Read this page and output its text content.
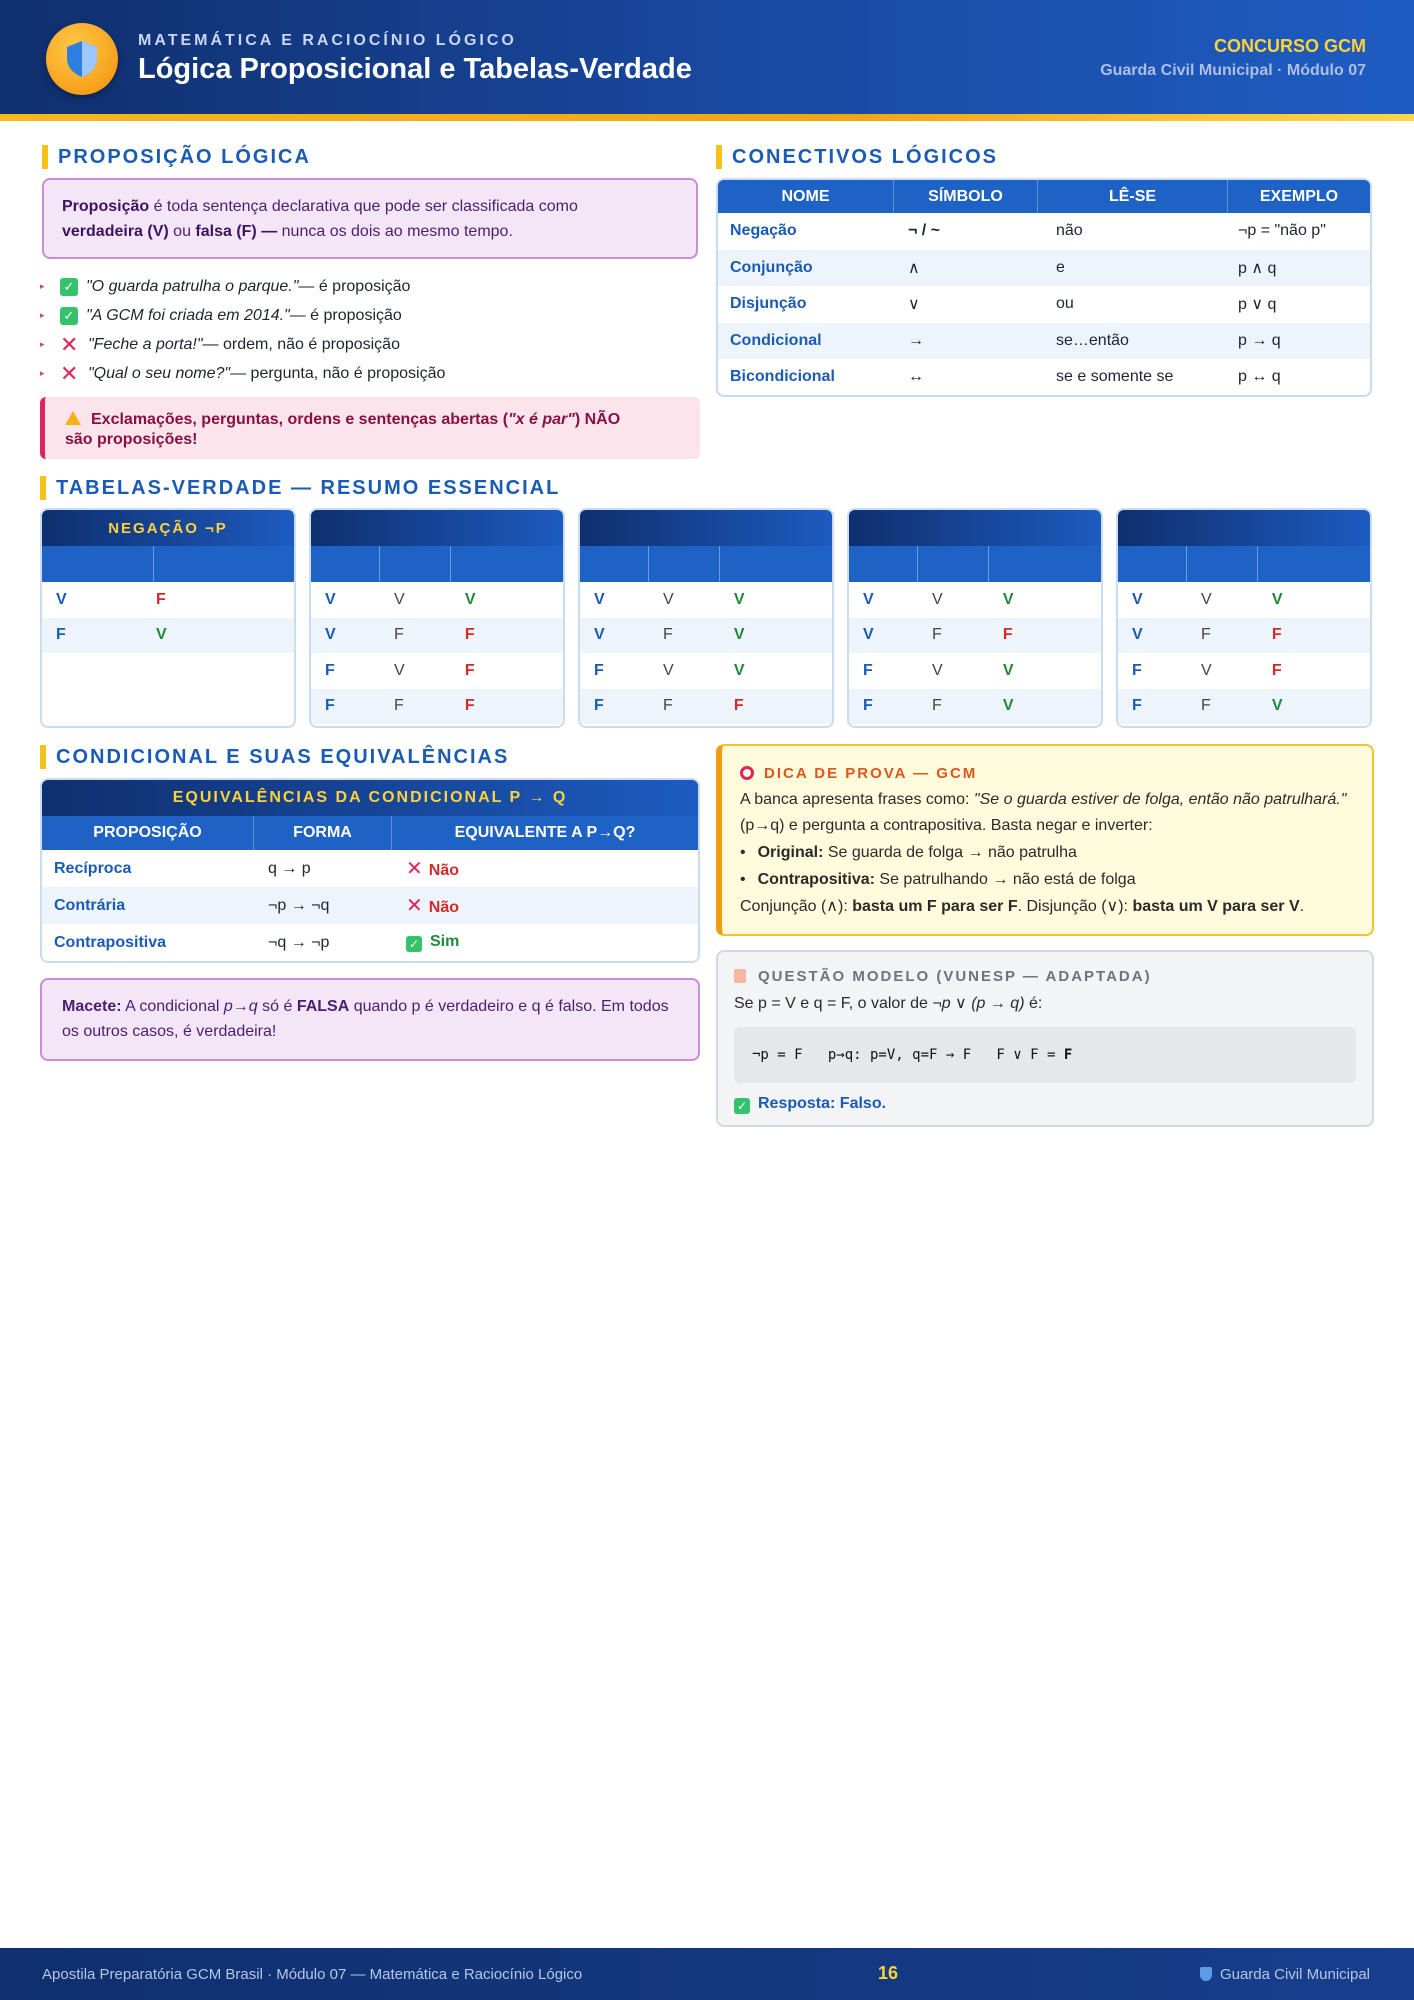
MATEMÁTICA E RACIOCÍNIO LÓGICO
Lógica Proposicional e Tabelas-Verdade
CONCURSO GCM
Guarda Civil Municipal · Módulo 07
PROPOSIÇÃO LÓGICA
Proposição é toda sentença declarativa que pode ser classificada como
verdadeira (V) ou falsa (F) — nunca os dois ao mesmo tempo.
▸	✓ "O guarda patrulha o parque." — é proposição
▸	✓ "A GCM foi criada em 2014." — é proposição
▸ ✕ "Feche a porta!" — ordem, não é proposição
▸ ✕ "Qual o seu nome?" — pergunta, não é proposição
Exclamações, perguntas, ordens e sentenças abertas ("x é par") NÃO
são proposições!
CONECTIVOS LÓGICOS
NOME	SÍMBOLO	LÊ-SE	EXEMPLO
Negação	¬ / ~	não	¬p = "não p"
Conjunção	∧	e	p ∧ q
Disjunção	∨	ou	p ∨ q
Condicional	→	se…então	p → q
Bicondicional	↔	se e somente se	p ↔ q
TABELAS-VERDADE — RESUMO ESSENCIAL
NEGAÇÃO ¬P
V	F
F	V
V	V	V
V	F	F
F	V	F
F	F	F
V	V	V
V	F	V
F	V	V
F	F	F
V	V	V
V	F	F
F	V	V
F	F	V
V	V	V
V	F	F
F	V	F
F	F	V
CONDICIONAL E SUAS EQUIVALÊNCIAS
EQUIVALÊNCIAS DA CONDICIONAL P → Q
PROPOSIÇÃO	FORMA	EQUIVALENTE A P→Q?
Recíproca	q → p	✕ Não
Contrária	¬p → ¬q	✕ Não
Contrapositiva	¬q → ¬p	✓ Sim
Macete: A condicional p→q só é FALSA quando p é verdadeiro e q é falso. Em todos os outros casos, é verdadeira!
DICA DE PROVA — GCM
A banca apresenta frases como: "Se o guarda estiver de folga, então não patrulhará." (p→q) e pergunta a contrapositiva. Basta negar e inverter:
• Original: Se guarda de folga → não patrulha
• Contrapositiva: Se patrulhando → não está de folga
Conjunção (∧): basta um F para ser F. Disjunção (∨): basta um V para ser V.
QUESTÃO MODELO (VUNESP — ADAPTADA)
Se p = V e q = F, o valor de ¬p ∨ (p → q) é:
¬p = F   p→q: p=V, q=F → F   F ∨ F = F
✓ Resposta: Falso.
Apostila Preparatória GCM Brasil · Módulo 07 — Matemática e Raciocínio Lógico	16	Guarda Civil Municipal
